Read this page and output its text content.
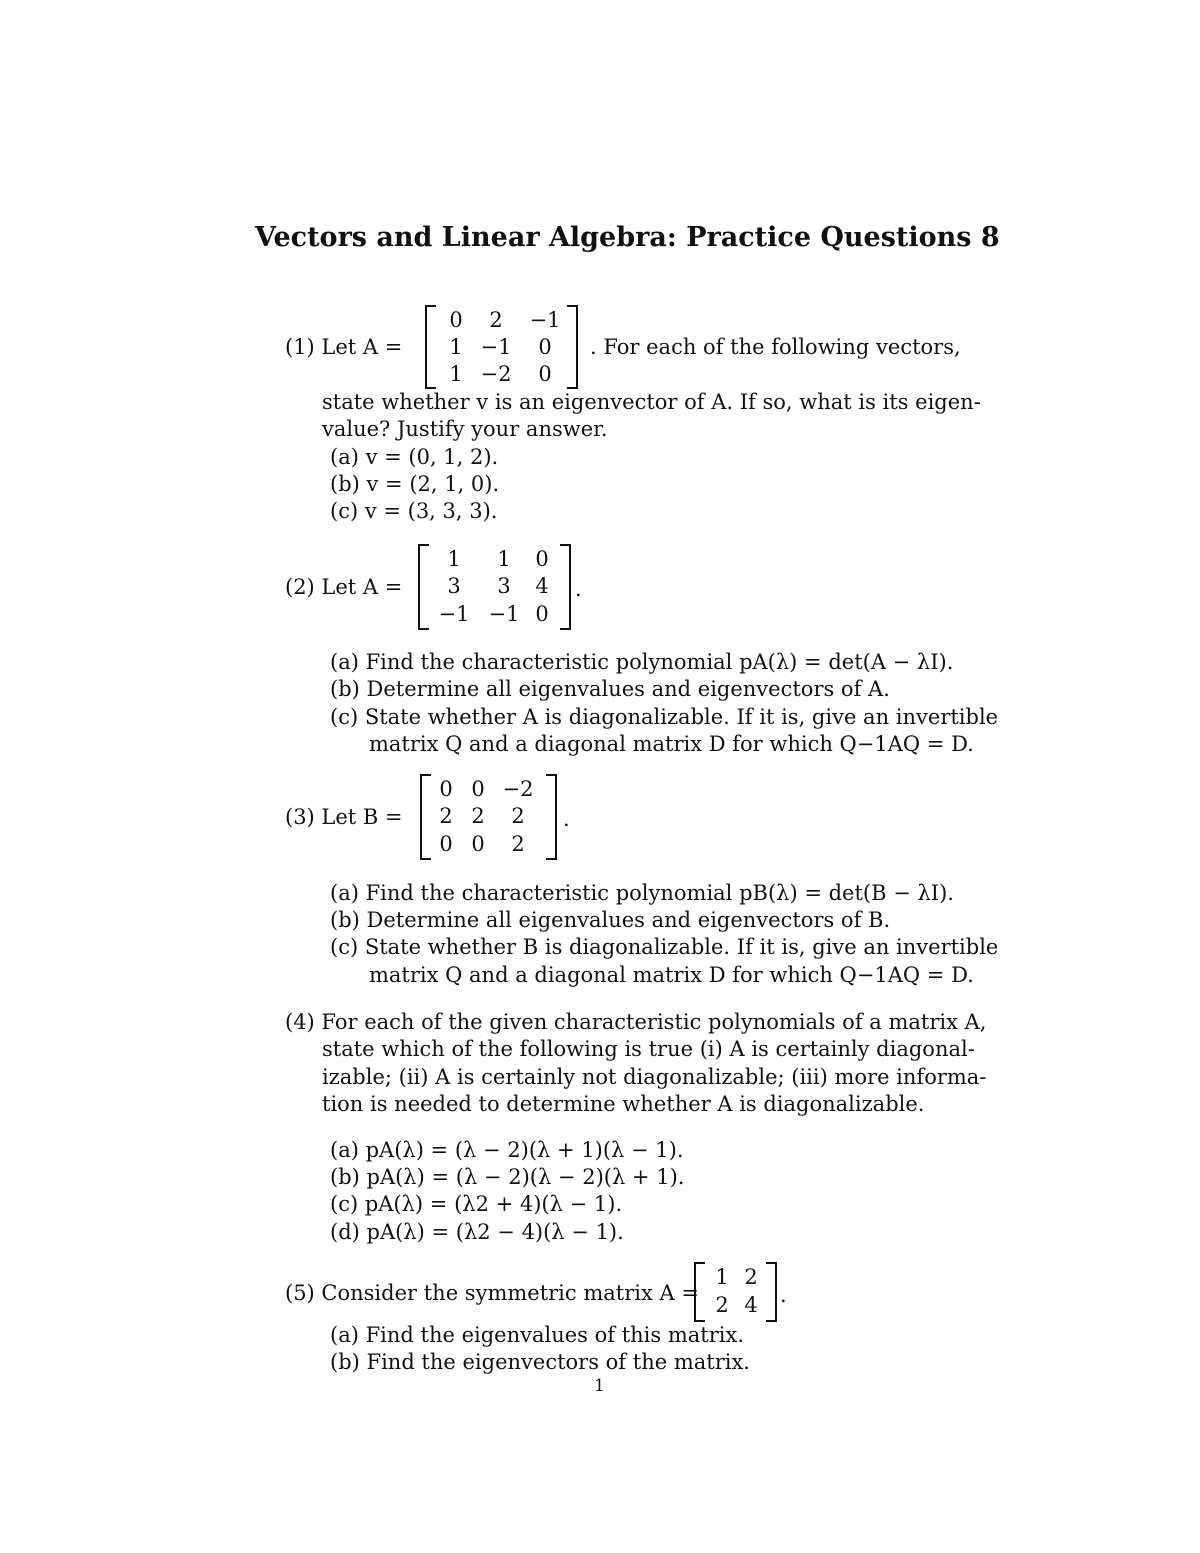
Vectors and Linear Algebra: Practice Questions 8
(1) Let A =
0	2	−1
1 −1	0
1 −2	0
. For each of the following vectors,
state whether v is an eigenvector of A. If so, what is its eigen-
value? Justify your answer.
(a) v = (0, 1, 2).
(b) v = (2, 1, 0).
(c) v = (3, 3, 3).
(2) Let A =
1	1	0
3	3	4
−1 −1 0
.
(a) Find the characteristic polynomial pA(λ) = det(A − λI).
(b) Determine all eigenvalues and eigenvectors of A.
(c) State whether A is diagonalizable. If it is, give an invertible
matrix Q and a diagonal matrix D for which Q−1AQ = D.
(3) Let B =
0 0 −2
2 2	2
0 0	2
.
(a) Find the characteristic polynomial pB(λ) = det(B − λI).
(b) Determine all eigenvalues and eigenvectors of B.
(c) State whether B is diagonalizable. If it is, give an invertible
matrix Q and a diagonal matrix D for which Q−1AQ = D.
(4) For each of the given characteristic polynomials of a matrix A,
state which of the following is true (i) A is certainly diagonal-
izable; (ii) A is certainly not diagonalizable; (iii) more informa-
tion is needed to determine whether A is diagonalizable.
(a) pA(λ) = (λ − 2)(λ + 1)(λ − 1).
(b) pA(λ) = (λ − 2)(λ − 2)(λ + 1).
(c) pA(λ) = (λ2 + 4)(λ − 1).
(d) pA(λ) = (λ2 − 4)(λ − 1).
(5) Consider the symmetric matrix A =
1 2
2 4	.
(a) Find the eigenvalues of this matrix.
(b) Find the eigenvectors of the matrix.
1
